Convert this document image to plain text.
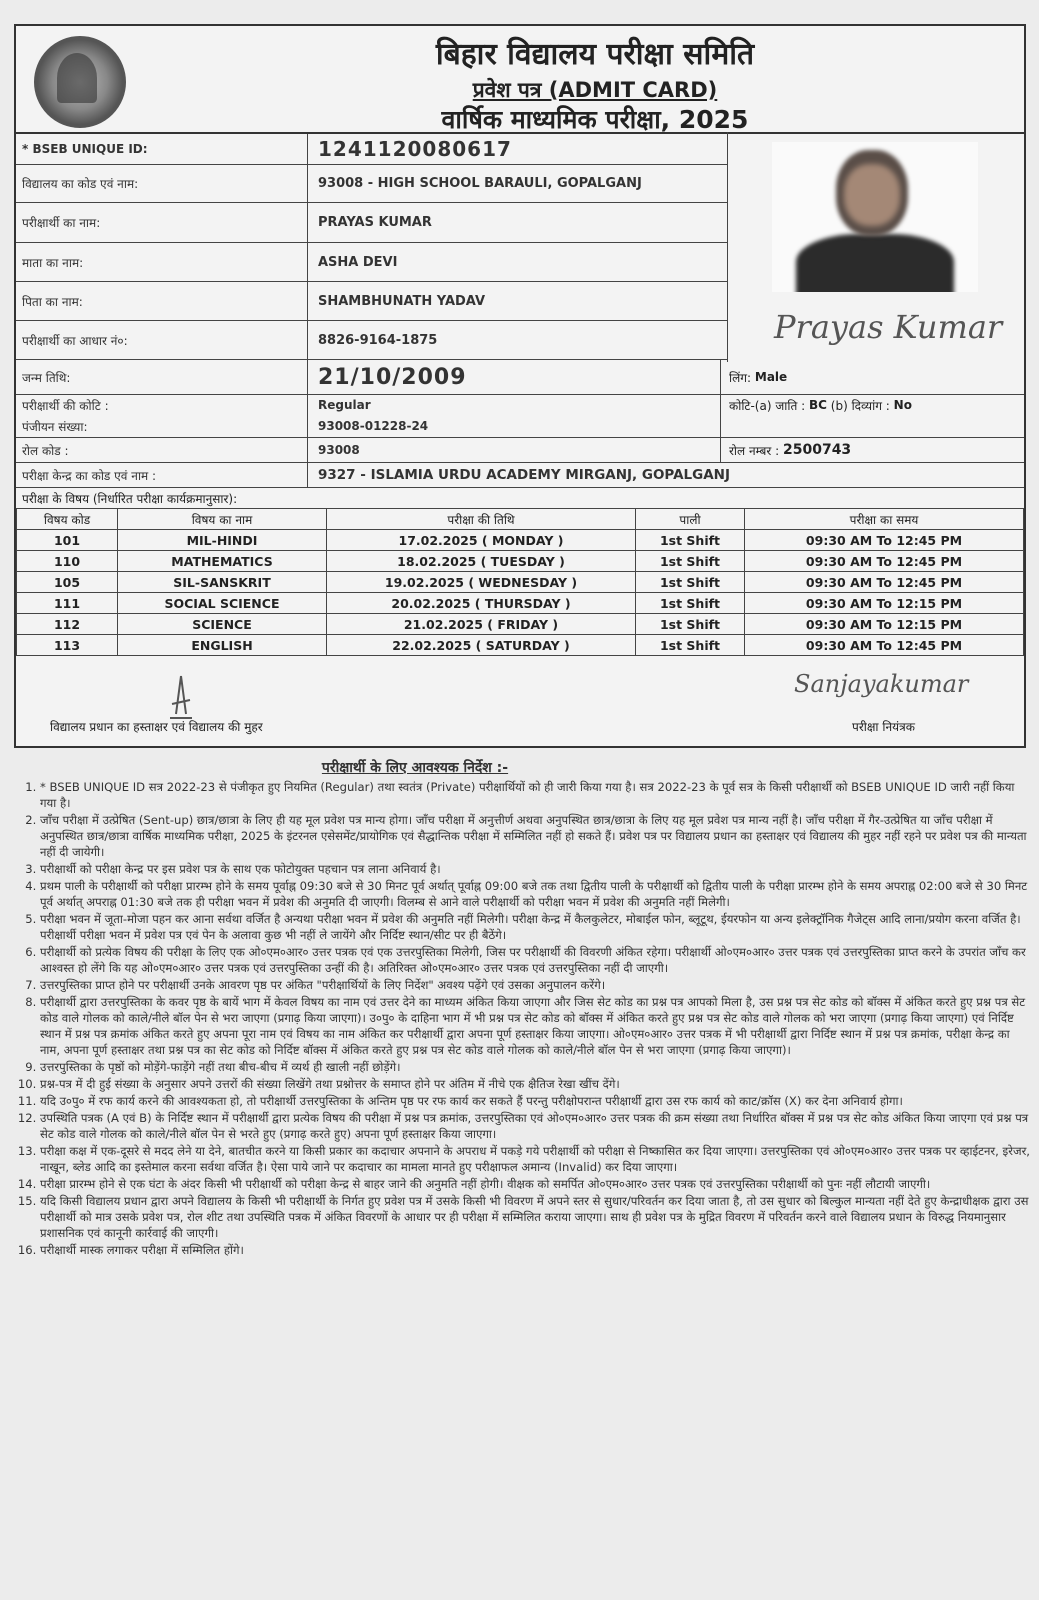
बिहार विद्यालय परीक्षा समिति
प्रवेश पत्र (ADMIT CARD)
वार्षिक माध्यमिक परीक्षा, 2025
Prayas Kumar
* BSEB UNIQUE ID:	1241120080617
विद्यालय का कोड एवं नाम:	93008 - HIGH SCHOOL BARAULI, GOPALGANJ
परीक्षार्थी का नाम:	PRAYAS KUMAR
माता का नाम:	ASHA DEVI
पिता का नाम:	SHAMBHUNATH YADAV
परीक्षार्थी का आधार नं०:	8826-9164-1875
जन्म तिथि:	21/10/2009	लिंग:
Male
परीक्षार्थी की कोटि :	Regular	कोटि-(a) जाति :
BC
(b) दिव्यांग :
No
पंजीयन संख्या:	93008-01228-24
रोल कोड :	93008	रोल नम्बर :
2500743
परीक्षा केन्द्र का कोड एवं नाम :	9327 - ISLAMIA URDU ACADEMY MIRGANJ, GOPALGANJ
परीक्षा के विषय (निर्धारित परीक्षा कार्यक्रमानुसार):
विषय कोड	विषय का नाम	परीक्षा की तिथि	पाली	परीक्षा का समय
101	MIL-HINDI	17.02.2025 ( MONDAY )	1st Shift	09:30 AM To 12:45 PM
110	MATHEMATICS	18.02.2025 ( TUESDAY )	1st Shift	09:30 AM To 12:45 PM
105	SIL-SANSKRIT	19.02.2025 ( WEDNESDAY )	1st Shift	09:30 AM To 12:45 PM
111	SOCIAL SCIENCE	20.02.2025 ( THURSDAY )	1st Shift	09:30 AM To 12:15 PM
112	SCIENCE	21.02.2025 ( FRIDAY )	1st Shift	09:30 AM To 12:15 PM
113	ENGLISH	22.02.2025 ( SATURDAY )	1st Shift	09:30 AM To 12:45 PM
विद्यालय प्रधान का हस्ताक्षर एवं विद्यालय की मुहर
Sanjayakumar
परीक्षा नियंत्रक
परीक्षार्थी के लिए आवश्यक निर्देश :-
1. * BSEB UNIQUE ID सत्र 2022-23 से पंजीकृत हुए नियमित (Regular) तथा स्वतंत्र (Private) परीक्षार्थियों को ही जारी किया गया है। सत्र 2022-23 के पूर्व सत्र के किसी परीक्षार्थी को BSEB UNIQUE ID जारी नहीं किया गया है।
2. जाँच परीक्षा में उत्प्रेषित (Sent-up) छात्र/छात्रा के लिए ही यह मूल प्रवेश पत्र मान्य होगा। जाँच परीक्षा में अनुत्तीर्ण अथवा अनुपस्थित छात्र/छात्रा के लिए यह मूल प्रवेश पत्र मान्य नहीं है। जाँच परीक्षा में गैर-उत्प्रेषित या जाँच परीक्षा में अनुपस्थित छात्र/छात्रा वार्षिक माध्यमिक परीक्षा, 2025 के इंटरनल एसेसमेंट/प्रायोगिक एवं सैद्धान्तिक परीक्षा में सम्मिलित नहीं हो सकते हैं। प्रवेश पत्र पर विद्यालय प्रधान का हस्ताक्षर एवं विद्यालय की मुहर नहीं रहने पर प्रवेश पत्र की मान्यता नहीं दी जायेगी।
3. परीक्षार्थी को परीक्षा केन्द्र पर इस प्रवेश पत्र के साथ एक फोटोयुक्त पहचान पत्र लाना अनिवार्य है।
4. प्रथम पाली के परीक्षार्थी को परीक्षा प्रारम्भ होने के समय पूर्वाह्न 09:30 बजे से 30 मिनट पूर्व अर्थात् पूर्वाह्न 09:00 बजे तक तथा द्वितीय पाली के परीक्षार्थी को द्वितीय पाली के परीक्षा प्रारम्भ होने के समय अपराह्न 02:00 बजे से 30 मिनट पूर्व अर्थात् अपराह्न 01:30 बजे तक ही परीक्षा भवन में प्रवेश की अनुमति दी जाएगी। विलम्ब से आने वाले परीक्षार्थी को परीक्षा भवन में प्रवेश की अनुमति नहीं मिलेगी।
5. परीक्षा भवन में जूता-मोजा पहन कर आना सर्वथा वर्जित है अन्यथा परीक्षा भवन में प्रवेश की अनुमति नहीं मिलेगी। परीक्षा केन्द्र में कैलकुलेटर, मोबाईल फोन, ब्लूटूथ, ईयरफोन या अन्य इलेक्ट्रॉनिक गैजेट्स आदि लाना/प्रयोग करना वर्जित है। परीक्षार्थी परीक्षा भवन में प्रवेश पत्र एवं पेन के अलावा कुछ भी नहीं ले जायेंगे और निर्दिष्ट स्थान/सीट पर ही बैठेंगे।
6. परीक्षार्थी को प्रत्येक विषय की परीक्षा के लिए एक ओ०एम०आर० उत्तर पत्रक एवं एक उत्तरपुस्तिका मिलेगी, जिस पर परीक्षार्थी की विवरणी अंकित रहेगा। परीक्षार्थी ओ०एम०आर० उत्तर पत्रक एवं उत्तरपुस्तिका प्राप्त करने के उपरांत जाँच कर आश्वस्त हो लेंगे कि यह ओ०एम०आर० उत्तर पत्रक एवं उत्तरपुस्तिका उन्हीं की है। अतिरिक्त ओ०एम०आर० उत्तर पत्रक एवं उत्तरपुस्तिका नहीं दी जाएगी।
7. उत्तरपुस्तिका प्राप्त होने पर परीक्षार्थी उनके आवरण पृष्ठ पर अंकित "परीक्षार्थियों के लिए निर्देश" अवश्य पढ़ेंगे एवं उसका अनुपालन करेंगे।
8. परीक्षार्थी द्वारा उत्तरपुस्तिका के कवर पृष्ठ के बायें भाग में केवल विषय का नाम एवं उत्तर देने का माध्यम अंकित किया जाएगा और जिस सेट कोड का प्रश्न पत्र आपको मिला है, उस प्रश्न पत्र सेट कोड को बॉक्स में अंकित करते हुए प्रश्न पत्र सेट कोड वाले गोलक को काले/नीले बॉल पेन से भरा जाएगा (प्रगाढ़ किया जाएगा)। उ०पु० के दाहिना भाग में भी प्रश्न पत्र सेट कोड को बॉक्स में अंकित करते हुए प्रश्न पत्र सेट कोड वाले गोलक को भरा जाएगा (प्रगाढ़ किया जाएगा) एवं निर्दिष्ट स्थान में प्रश्न पत्र क्रमांक अंकित करते हुए अपना पूरा नाम एवं विषय का नाम अंकित कर परीक्षार्थी द्वारा अपना पूर्ण हस्ताक्षर किया जाएगा। ओ०एम०आर० उत्तर पत्रक में भी परीक्षार्थी द्वारा निर्दिष्ट स्थान में प्रश्न पत्र क्रमांक, परीक्षा केन्द्र का नाम, अपना पूर्ण हस्ताक्षर तथा प्रश्न पत्र का सेट कोड को निर्दिष्ट बॉक्स में अंकित करते हुए प्रश्न पत्र सेट कोड वाले गोलक को काले/नीले बॉल पेन से भरा जाएगा (प्रगाढ़ किया जाएगा)।
9. उत्तरपुस्तिका के पृष्ठों को मोड़ेंगे-फाड़ेंगे नहीं तथा बीच-बीच में व्यर्थ ही खाली नहीं छोड़ेंगे।
10. प्रश्न-पत्र में दी हुई संख्या के अनुसार अपने उत्तरों की संख्या लिखेंगे तथा प्रश्नोत्तर के समाप्त होने पर अंतिम में नीचे एक क्षैतिज रेखा खींच देंगे।
11. यदि उ०पु० में रफ कार्य करने की आवश्यकता हो, तो परीक्षार्थी उत्तरपुस्तिका के अन्तिम पृष्ठ पर रफ कार्य कर सकते हैं परन्तु परीक्षोपरान्त परीक्षार्थी द्वारा उस रफ कार्य को काट/क्रॉस (X) कर देना अनिवार्य होगा।
12. उपस्थिति पत्रक (A एवं B) के निर्दिष्ट स्थान में परीक्षार्थी द्वारा प्रत्येक विषय की परीक्षा में प्रश्न पत्र क्रमांक, उत्तरपुस्तिका एवं ओ०एम०आर० उत्तर पत्रक की क्रम संख्या तथा निर्धारित बॉक्स में प्रश्न पत्र सेट कोड अंकित किया जाएगा एवं प्रश्न पत्र सेट कोड वाले गोलक को काले/नीले बॉल पेन से भरते हुए (प्रगाढ़ करते हुए) अपना पूर्ण हस्ताक्षर किया जाएगा।
13. परीक्षा कक्ष में एक-दूसरे से मदद लेने या देने, बातचीत करने या किसी प्रकार का कदाचार अपनाने के अपराध में पकड़े गये परीक्षार्थी को परीक्षा से निष्कासित कर दिया जाएगा। उत्तरपुस्तिका एवं ओ०एम०आर० उत्तर पत्रक पर व्हाईटनर, इरेजर, नाखून, ब्लेड आदि का इस्तेमाल करना सर्वथा वर्जित है। ऐसा पाये जाने पर कदाचार का मामला मानते हुए परीक्षाफल अमान्य (Invalid) कर दिया जाएगा।
14. परीक्षा प्रारम्भ होने से एक घंटा के अंदर किसी भी परीक्षार्थी को परीक्षा केन्द्र से बाहर जाने की अनुमति नहीं होगी। वीक्षक को समर्पित ओ०एम०आर० उत्तर पत्रक एवं उत्तरपुस्तिका परीक्षार्थी को पुनः नहीं लौटायी जाएगी।
15. यदि किसी विद्यालय प्रधान द्वारा अपने विद्यालय के किसी भी परीक्षार्थी के निर्गत हुए प्रवेश पत्र में उसके किसी भी विवरण में अपने स्तर से सुधार/परिवर्तन कर दिया जाता है, तो उस सुधार को बिल्कुल मान्यता नहीं देते हुए केन्द्राधीक्षक द्वारा उस परीक्षार्थी को मात्र उसके प्रवेश पत्र, रोल शीट तथा उपस्थिति पत्रक में अंकित विवरणों के आधार पर ही परीक्षा में सम्मिलित कराया जाएगा। साथ ही प्रवेश पत्र के मुद्रित विवरण में परिवर्तन करने वाले विद्यालय प्रधान के विरुद्ध नियमानुसार प्रशासनिक एवं कानूनी कार्रवाई की जाएगी।
16. परीक्षार्थी मास्क लगाकर परीक्षा में सम्मिलित होंगे।
